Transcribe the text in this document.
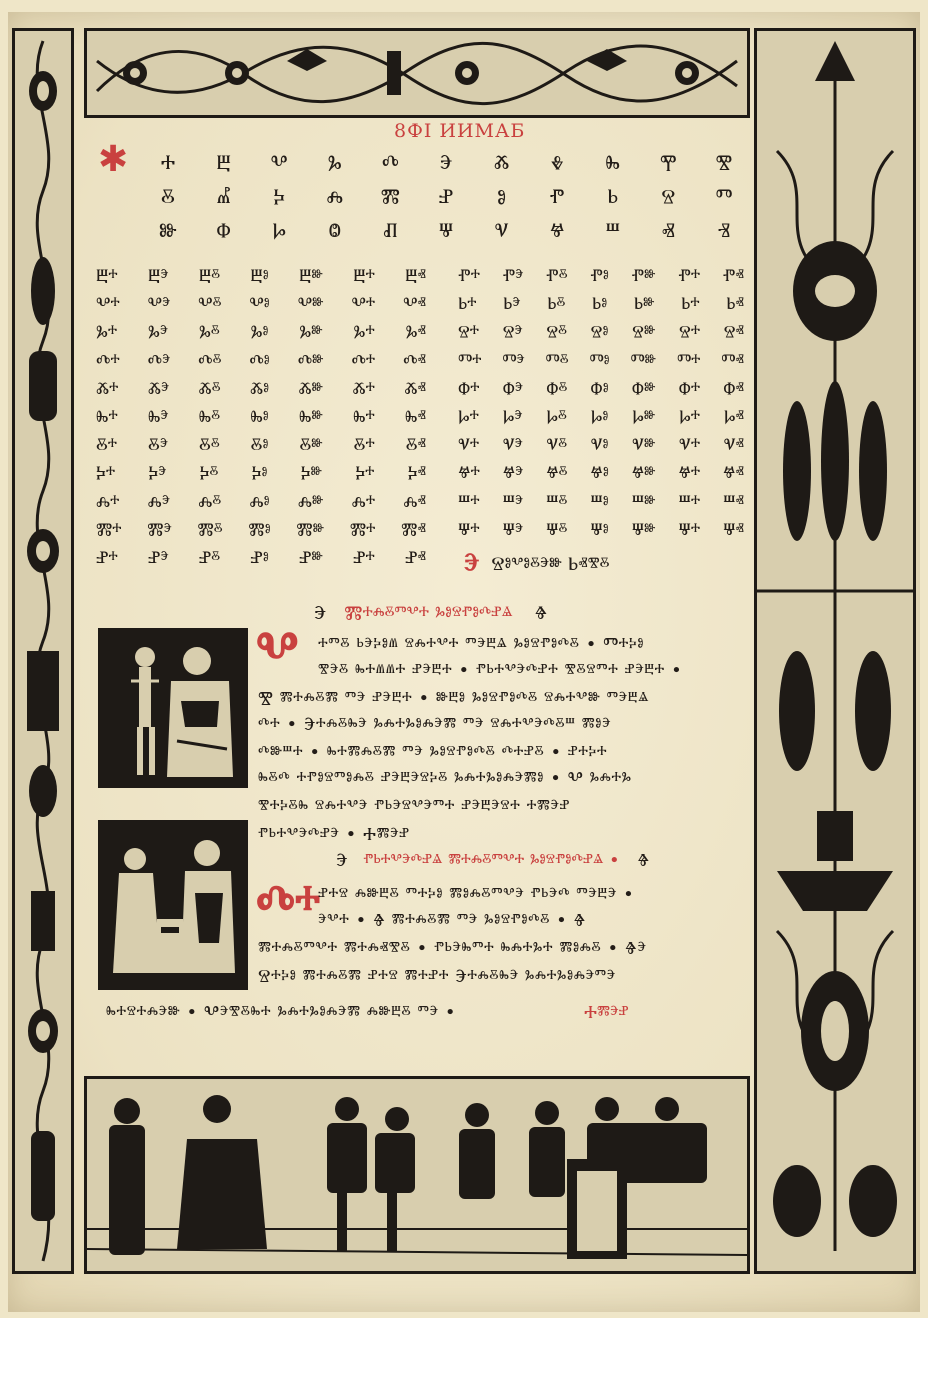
8ФІ ИИМАБ
✱	Ⰰ	Ⰱ	Ⰲ	Ⰳ	Ⰴ	Ⰵ	Ⰶ	Ⰷ	Ⰸ	Ⰹ	Ⰺ
Ⰻ	Ⰼ	Ⰽ	Ⰾ	Ⰿ	Ⱀ	Ⱁ	Ⱂ	Ⱃ	Ⱄ	Ⱅ
Ⱆ	Ⱇ	Ⱈ	Ⱉ	Ⱊ	Ⱋ	Ⱌ	Ⱍ	Ⱎ	Ⱏ	Ⱐ
Ⰱⰰ Ⰱⰵ Ⰱⰻ Ⰱⱁ Ⰱⱆ Ⰱⰰ Ⰱⱏ
Ⰲⰰ Ⰲⰵ Ⰲⰻ Ⰲⱁ Ⰲⱆ Ⰲⰰ Ⰲⱏ
Ⰳⰰ Ⰳⰵ Ⰳⰻ Ⰳⱁ Ⰳⱆ Ⰳⰰ Ⰳⱏ
Ⰴⰰ Ⰴⰵ Ⰴⰻ Ⰴⱁ Ⰴⱆ Ⰴⰰ Ⰴⱏ
Ⰶⰰ Ⰶⰵ Ⰶⰻ Ⰶⱁ Ⰶⱆ Ⰶⰰ Ⰶⱏ
Ⰸⰰ Ⰸⰵ Ⰸⰻ Ⰸⱁ Ⰸⱆ Ⰸⰰ Ⰸⱏ
Ⰻⰰ Ⰻⰵ Ⰻⰻ Ⰻⱁ Ⰻⱆ Ⰻⰰ Ⰻⱏ
Ⰽⰰ Ⰽⰵ Ⰽⰻ Ⰽⱁ Ⰽⱆ Ⰽⰰ Ⰽⱏ
Ⰾⰰ Ⰾⰵ Ⰾⰻ Ⰾⱁ Ⰾⱆ Ⰾⰰ Ⰾⱏ
Ⰿⰰ Ⰿⰵ Ⰿⰻ Ⰿⱁ Ⰿⱆ Ⰿⰰ Ⰿⱏ
Ⱀⰰ Ⱀⰵ Ⱀⰻ Ⱀⱁ Ⱀⱆ Ⱀⰰ Ⱀⱏ
Ⱂⰰ Ⱂⰵ Ⱂⰻ Ⱂⱁ Ⱂⱆ Ⱂⰰ Ⱂⱏ
Ⱃⰰ Ⱃⰵ Ⱃⰻ Ⱃⱁ Ⱃⱆ Ⱃⰰ Ⱃⱏ
Ⱄⰰ Ⱄⰵ Ⱄⰻ Ⱄⱁ Ⱄⱆ Ⱄⰰ Ⱄⱏ
Ⱅⰰ Ⱅⰵ Ⱅⰻ Ⱅⱁ Ⱅⱆ Ⱅⰰ Ⱅⱏ
Ⱇⰰ Ⱇⰵ Ⱇⰻ Ⱇⱁ Ⱇⱆ Ⱇⰰ Ⱇⱏ
Ⱈⰰ Ⱈⰵ Ⱈⰻ Ⱈⱁ Ⱈⱆ Ⱈⰰ Ⱈⱏ
Ⱌⰰ Ⱌⰵ Ⱌⰻ Ⱌⱁ Ⱌⱆ Ⱌⰰ Ⱌⱏ
Ⱍⰰ Ⱍⰵ Ⱍⰻ Ⱍⱁ Ⱍⱆ Ⱍⰰ Ⱍⱏ
Ⱎⰰ Ⱎⰵ Ⱎⰻ Ⱎⱁ Ⱎⱆ Ⱎⰰ Ⱎⱏ
Ⱋⰰ Ⱋⰵ Ⱋⰻ Ⱋⱁ Ⱋⱆ Ⱋⰰ Ⱋⱏ
Ⰵ Ⱄⱁⰲⱁⰻⰵⱆ Ⱃⱏⰺⰻ
Ⰵ Ⰿⰰⰾⰻⱅⰲⰰ ⰳⱁⱄⱂⱁⰴⱀⱑ Ⱖ
Ⰲ ⰰⱅⰻ ⱃⰵⰽⱁⱞ ⱄⰾⰰⰲⰰ ⱅⰵⰱⱑ ⰳⱁⱄⱂⱁⰴⰻ • Ⱅⰰⰽⱁ
ⰺⰵⰻ ⰸⰰⱞⱞⰰ ⱀⰵⰱⰰ • ⱂⱃⰰⰲⰵⰴⱀⰰ ⰺⰻⱄⱅⰰ ⱀⰵⰱⰰ •
Ⰺ ⰿⰰⰾⰻⰿ ⱅⰵ ⱀⰵⰱⰰ • ⱆⰱⱁ ⰳⱁⱄⱂⱁⰴⰻ ⱄⰾⰰⰲⱆ ⱅⰵⰱⱑ
ⰴⰰ • Ⰵⰰⰾⰻⰸⰵ ⰳⰾⰰⰳⱁⰾⰵⰿ ⱅⰵ ⱄⰾⰰⰲⰵⰴⰻⱎ ⰿⱁⰵ
ⰴⱆⱎⰰ • ⰸⰰⰿⰾⰻⰿ ⱅⰵ ⰳⱁⱄⱂⱁⰴⰻ ⰴⰰⱀⰻ • ⱀⰰⰽⰰ
ⰸⰻⰴ ⰰⱂⱁⱄⱅⱁⰾⰻ ⱀⰵⰱⰵⱄⰽⰻ ⰳⰾⰰⰳⱁⰾⰵⰿⱁ • Ⰲ ⰳⰾⰰⰳ
ⰺⰰⰽⰻⰸ ⱄⰾⰰⰲⰵ ⱂⱃⰵⱄⰲⰵⱅⰰ ⱀⰵⰱⰵⱄⰰ ⰰⰿⰵⱀ
ⱂⱃⰰⰲⰵⰴⱀⰵ • Ⰰⰿⰵⱀ
Ⰵ ⱂⱃⰰⰲⰵⰴⱀⱑ ⰿⰰⰾⰻⱅⰲⰰ ⰳⱁⱄⱂⱁⰴⱀⱑ • Ⱖ
Ⰴⰰ
ⱀⰰⱄ ⰾⱆⰱⰻ ⱅⰰⰽⱁ ⰿⱁⰾⰻⱅⰲⰵ ⱂⱃⰵⰴ ⱅⰵⰱⰵ •
ⰵⰲⰰ • Ⱖ ⰿⰰⰾⰻⰿ ⱅⰵ ⰳⱁⱄⱂⱁⰴⰻ • Ⱖ
ⰿⰰⰾⰻⱅⰲⰰ ⰿⰰⰾⱏⰺⰻ • ⱂⱃⰵⰸⱅⰰ ⰸⰾⰰⰳⰰ ⰿⱁⰾⰻ • Ⱖⰵ
Ⱄⰰⰽⱁ ⰿⰰⰾⰻⰿ ⱀⰰⱄ ⰿⰰⱀⰰ Ⰵⰰⰾⰻⰸⰵ ⰳⰾⰰⰳⱁⰾⰵⱅⰵ
ⰸⰰⱄⰰⰾⰵⱆ • Ⰲⰵⰺⰻⰸⰰ ⰳⰾⰰⰳⱁⰾⰵⰿ ⰾⱆⰱⰻ ⱅⰵ •	Ⰰⰿⰵⱀ
